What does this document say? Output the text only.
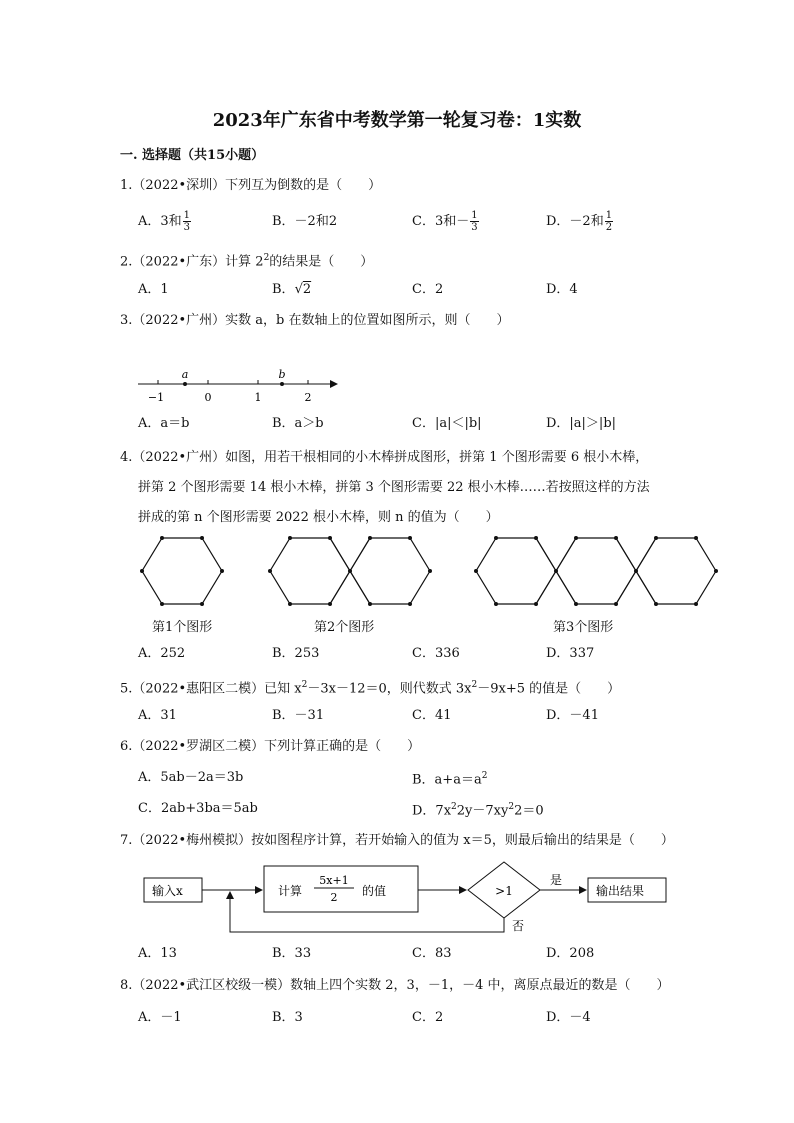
2023年广东省中考数学第一轮复习卷：1实数
一. 选择题（共15小题）
1.（2022•深圳）下列互为倒数的是（　　）
A．3和 $\frac{1}{3}$	B．－2和2	C．3和－ $\frac{1}{3}$	D．－2和 $\frac{1}{2}$
2.（2022•广东）计算 $2^2$的结果是（　　）
A．1	B．√2	C．2	D．4
3.（2022•广州）实数 a，b 在数轴上的位置如图所示，则（　　）
a	b
−1	0	1	2
A．a＝b	B．a＞b	C．|a|＜|b|	D．|a|＞|b|
4.（2022•广州）如图，用若干根相同的小木棒拼成图形，拼第 1 个图形需要 6 根小木棒，
拼第 2 个图形需要 14 根小木棒，拼第 3 个图形需要 22 根小木棒……若按照这样的方法
拼成的第 n 个图形需要 2022 根小木棒，则 n 的值为（　　）
第1个图形	第2个图形	第3个图形
A．252	B．253	C．336	D．337
5.（2022•惠阳区二模）已知 $x^2-3x-12=0$，则代数式 $3x^2-9x+5$ 的值是（　　）
A．31	B．－31	C．41	D．－41
6.（2022•罗湖区二模）下列计算正确的是（　　）
A．5ab－2a＝3b	B．$a+a=a^2$
C．2ab+3ba＝5ab	D．$7x^22y-7xy^22=0$
7.（2022•梅州模拟）按如图程序计算，若开始输入的值为 x＝5，则最后输出的结果是（　　）
输入x	计算
5x+1
2 的值	>1
是
否
输出结果
A．13	B．33	C．83	D．208
8.（2022•武江区校级一模）数轴上四个实数 2，3，－1，－4 中，离原点最近的数是（　　）
A．－1	B．3	C．2	D．－4
